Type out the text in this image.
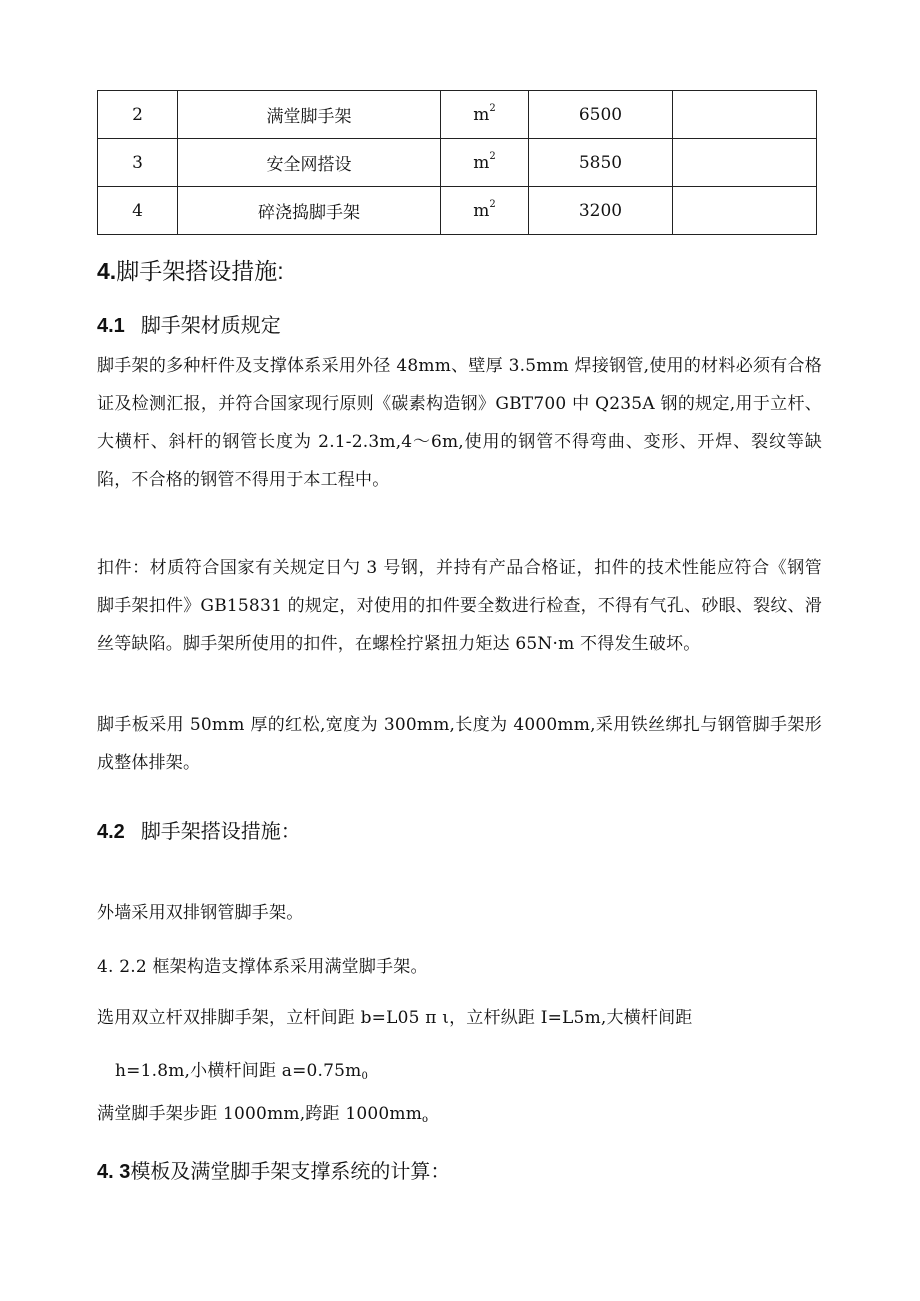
2	满堂脚手架	$m^2$	6500	
3	安全网搭设	$m^2$	5850	
4	碎浇捣脚手架	$m^2$	3200	
4.脚手架搭设措施:
4.1 脚手架材质规定
脚手架的多种杆件及支撑体系采用外径 48mm、壁厚 3.5mm 焊接钢管,使用的材料必须有合格证及检测汇报，并符合国家现行原则《碳素构造钢》GBT700 中 Q235A 钢的规定,用于立杆、大横杆、斜杆的钢管长度为 2.1-2.3m,4～6m,使用的钢管不得弯曲、变形、开焊、裂纹等缺陷，不合格的钢管不得用于本工程中。
扣件：材质符合国家有关规定日勺 3 号钢，并持有产品合格证，扣件的技术性能应符合《钢管脚手架扣件》GB15831 的规定，对使用的扣件要全数进行检查，不得有气孔、砂眼、裂纹、滑丝等缺陷。脚手架所使用的扣件，在螺栓拧紧扭力矩达 65N·m 不得发生破坏。
脚手板采用 50mm 厚的红松,宽度为 300mm,长度为 4000mm,采用铁丝绑扎与钢管脚手架形成整体排架。
4.2 脚手架搭设措施：
外墙采用双排钢管脚手架。
4. 2.2 框架构造支撑体系采用满堂脚手架。
选用双立杆双排脚手架，立杆间距 b=L05 π ι，立杆纵距 I=L5m,大横杆间距
h=1.8m,小横杆间距 $a=0.75m_0$
满堂脚手架步距 1000mm,跨距 $1000mm_o$
4. 3模板及满堂脚手架支撑系统的计算：
